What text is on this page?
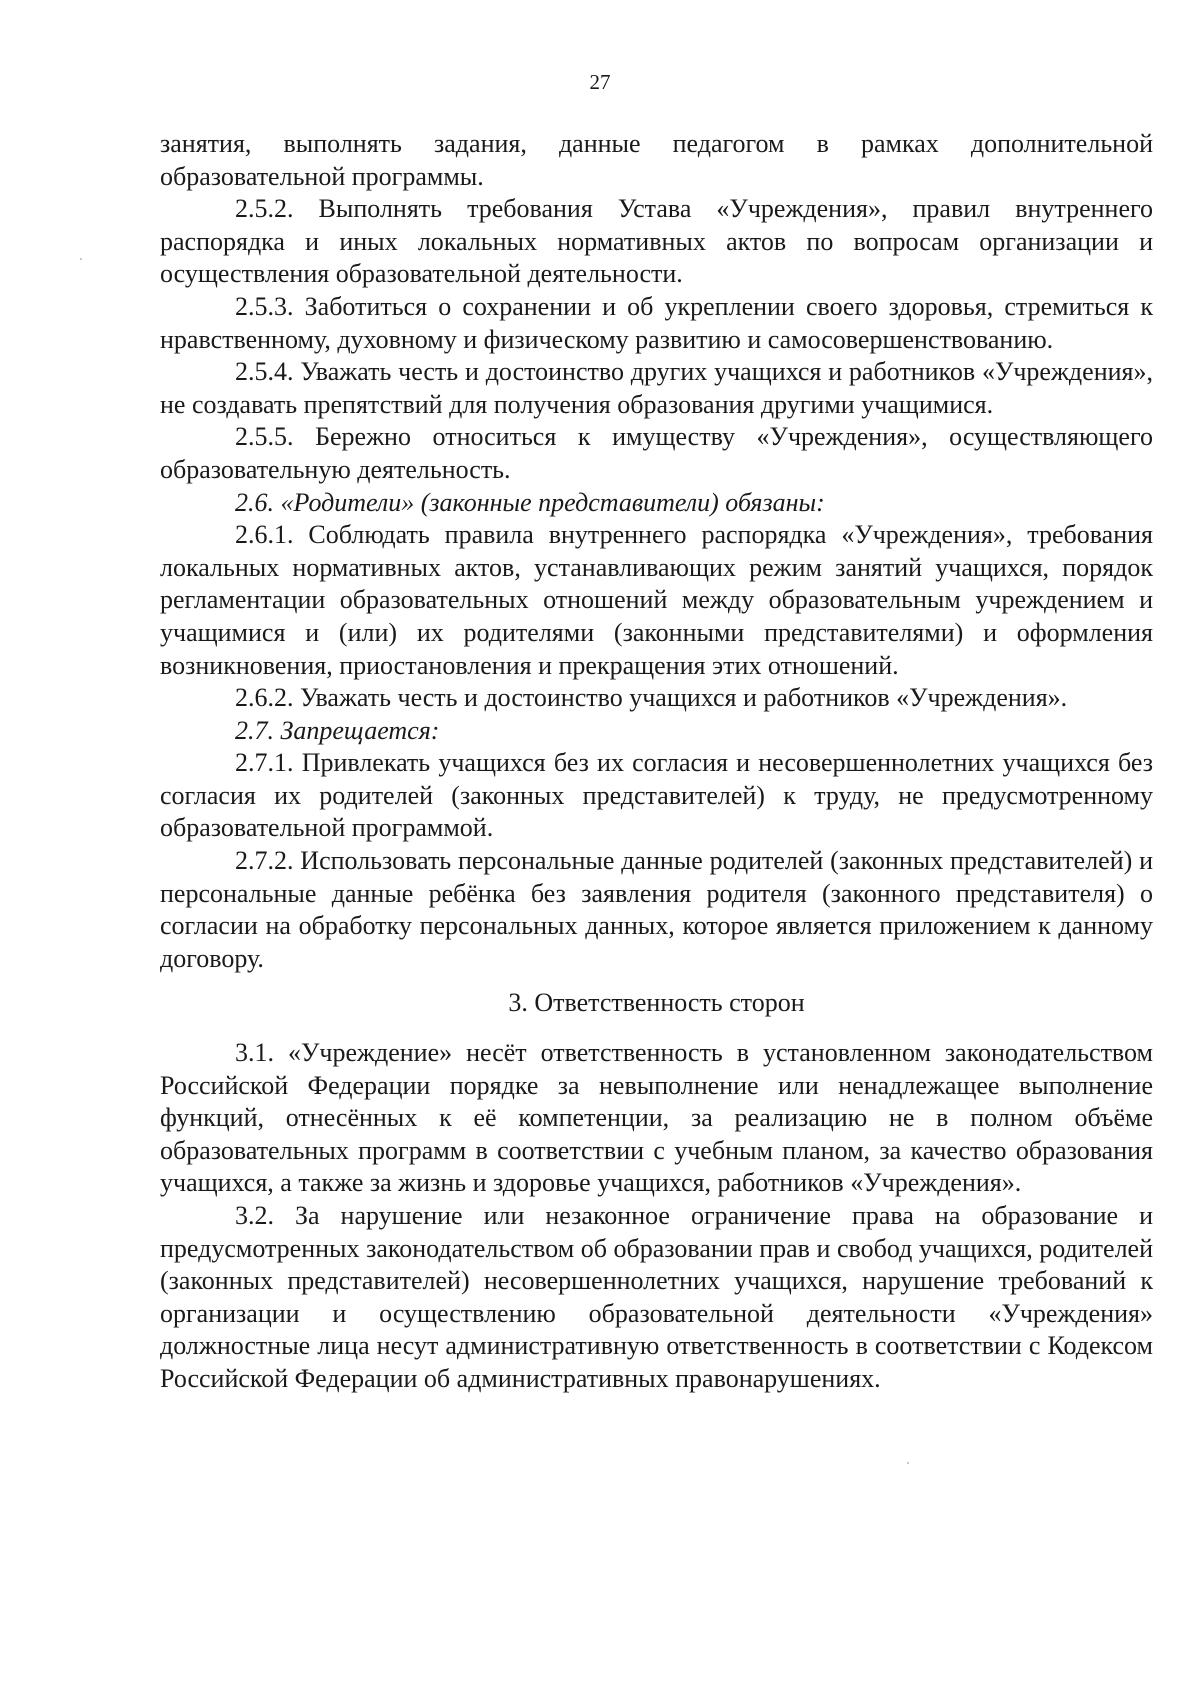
27

занятия, выполнять задания, данные педагогом в рамках дополнительной образовательной программы.

2.5.2. Выполнять требования Устава «Учреждения», правил внутреннего распорядка и иных локальных нормативных актов по вопросам организации и осуществления образовательной деятельности.

2.5.3. Заботиться о сохранении и об укреплении своего здоровья, стремиться к нравственному, духовному и физическому развитию и самосовершенствованию.

2.5.4. Уважать честь и достоинство других учащихся и работников «Учреждения», не создавать препятствий для получения образования другими учащимися.

2.5.5. Бережно относиться к имуществу «Учреждения», осуществляющего образовательную деятельность.

2.6. «Родители» (законные представители) обязаны:

2.6.1. Соблюдать правила внутреннего распорядка «Учреждения», требования локальных нормативных актов, устанавливающих режим занятий учащихся, порядок регламентации образовательных отношений между образовательным учреждением и учащимися и (или) их родителями (законными представителями) и оформления возникновения, приостановления и прекращения этих отношений.

2.6.2. Уважать честь и достоинство учащихся и работников «Учреждения».

2.7. Запрещается:

2.7.1. Привлекать учащихся без их согласия и несовершеннолетних учащихся без согласия их родителей (законных представителей) к труду, не предусмотренному образовательной программой.

2.7.2. Использовать персональные данные родителей (законных представителей) и персональные данные ребёнка без заявления родителя (законного представителя) о согласии на обработку персональных данных, которое является приложением к данному договору.

3. Ответственность сторон

3.1. «Учреждение» несёт ответственность в установленном законодательством Российской Федерации порядке за невыполнение или ненадлежащее выполнение функций, отнесённых к её компетенции, за реализацию не в полном объёме образовательных программ в соответствии с учебным планом, за качество образования учащихся, а также за жизнь и здоровье учащихся, работников «Учреждения».

3.2. За нарушение или незаконное ограничение права на образование и предусмотренных законодательством об образовании прав и свобод учащихся, родителей (законных представителей) несовершеннолетних учащихся, нарушение требований к организации и осуществлению образовательной деятельности «Учреждения» должностные лица несут административную ответственность в соответствии с Кодексом Российской Федерации об административных правонарушениях.
